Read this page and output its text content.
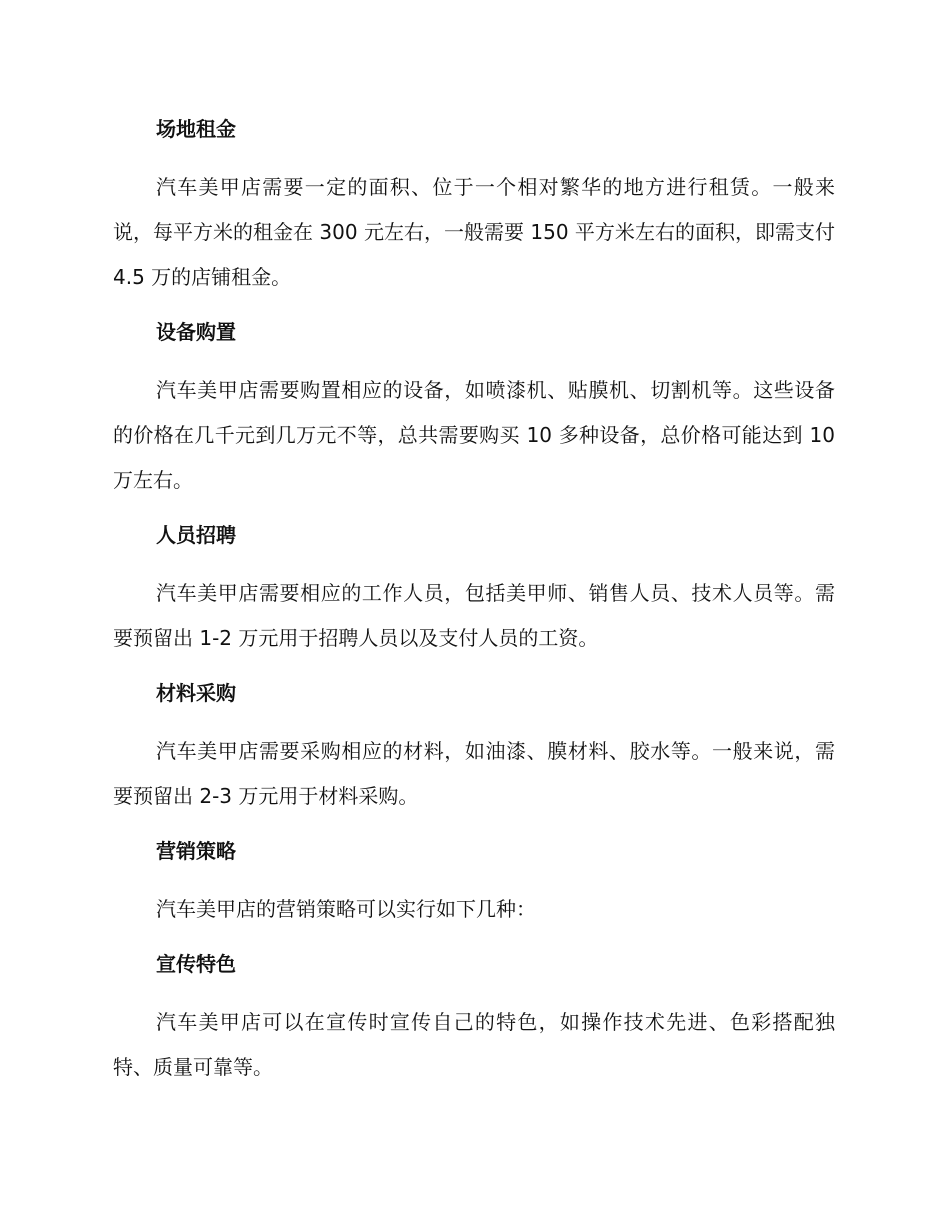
场地租金

汽车美甲店需要一定的面积、位于一个相对繁华的地方进行租赁。一般来说，每平方米的租金在 300 元左右，一般需要 150 平方米左右的面积，即需支付 4.5 万的店铺租金。

设备购置

汽车美甲店需要购置相应的设备，如喷漆机、贴膜机、切割机等。这些设备的价格在几千元到几万元不等，总共需要购买 10 多种设备，总价格可能达到 10 万左右。

人员招聘

汽车美甲店需要相应的工作人员，包括美甲师、销售人员、技术人员等。需要预留出 1-2 万元用于招聘人员以及支付人员的工资。

材料采购

汽车美甲店需要采购相应的材料，如油漆、膜材料、胶水等。一般来说，需要预留出 2-3 万元用于材料采购。

营销策略

汽车美甲店的营销策略可以实行如下几种：

宣传特色

汽车美甲店可以在宣传时宣传自己的特色，如操作技术先进、色彩搭配独特、质量可靠等。
